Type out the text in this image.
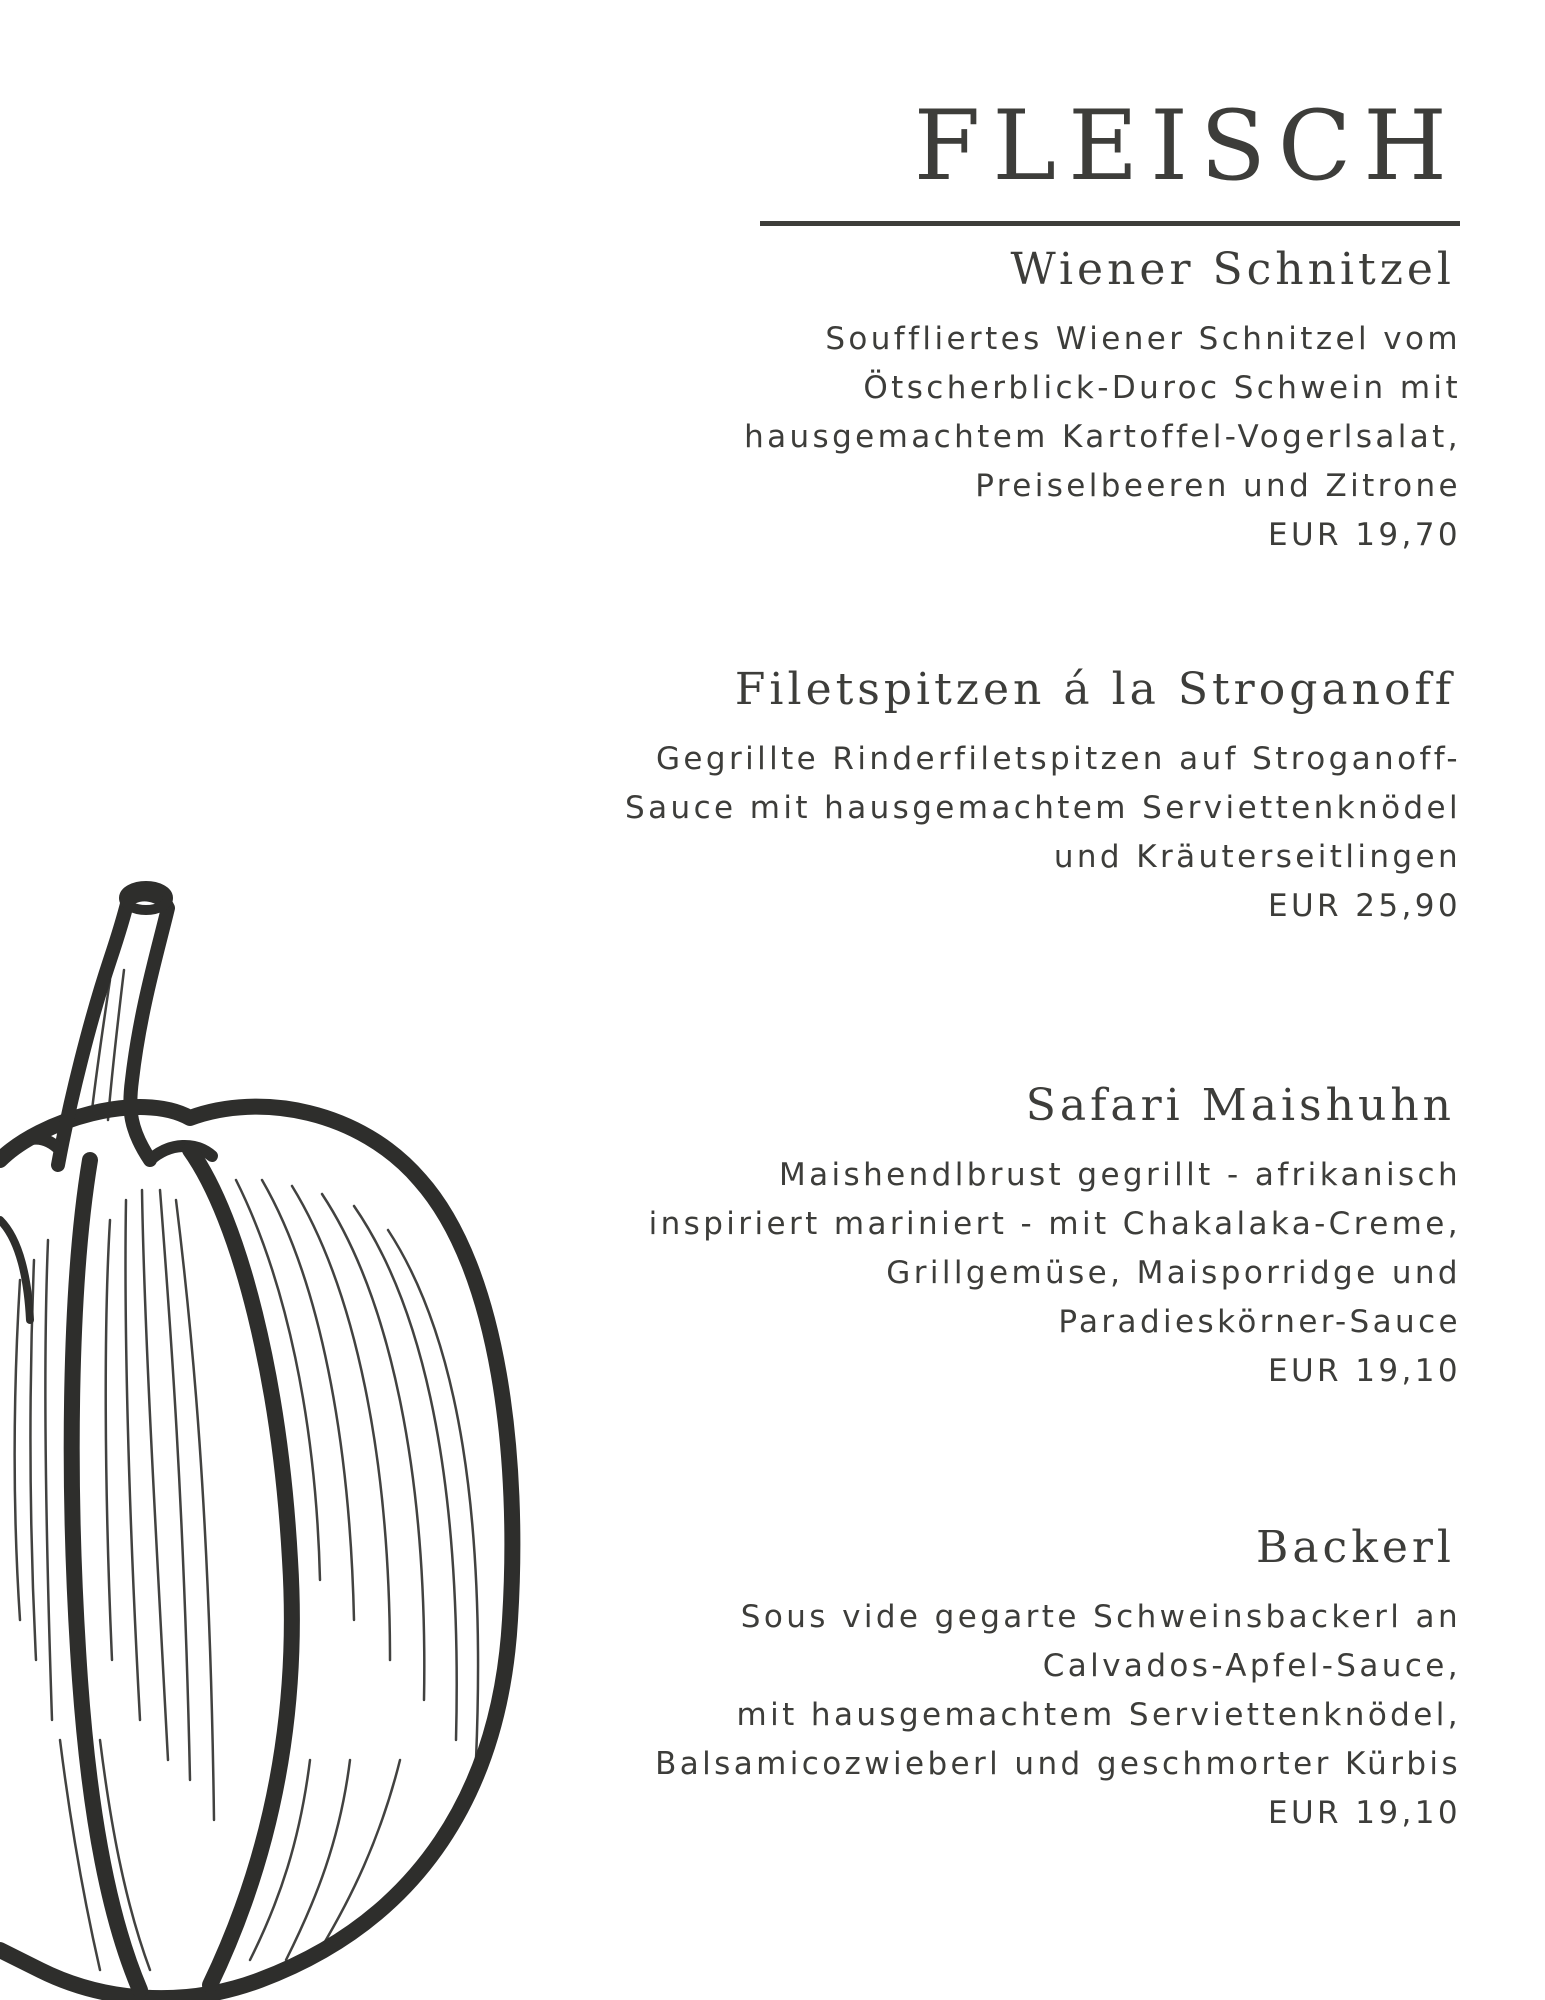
FLEISCH
Wiener Schnitzel

Souffliertes Wiener Schnitzel vom
Ötscherblick-Duroc Schwein mit
hausgemachtem Kartoffel-Vogerlsalat,
Preiselbeeren und Zitrone

EUR 19,70

Filetspitzen á la Stroganoff

Gegrillte Rinderfiletspitzen auf Stroganoff-
Sauce mit hausgemachtem Serviettenknödel
und Kräuterseitlingen

EUR 25,90

Safari Maishuhn

Maishendlbrust gegrillt - afrikanisch
inspiriert mariniert - mit Chakalaka-Creme,
Grillgemüse, Maisporridge und
Paradieskörner-Sauce

EUR 19,10

Backerl

Sous vide gegarte Schweinsbackerl an
Calvados-Apfel-Sauce,
mit hausgemachtem Serviettenknödel,
Balsamicozwieberl und geschmorter Kürbis

EUR 19,10
